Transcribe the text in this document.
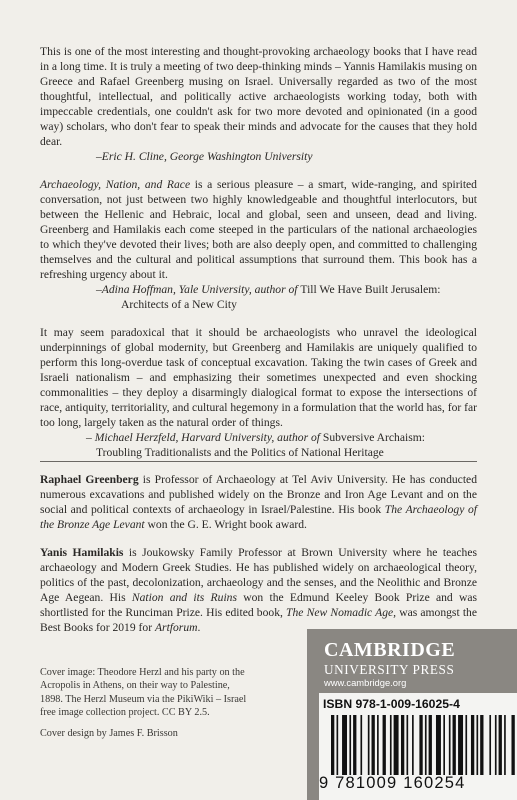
This is one of the most interesting and thought-provoking archaeology books that I have read in a long time. It is truly a meeting of two deep-thinking minds – Yannis Hamilakis musing on Greece and Rafael Greenberg musing on Israel. Universally regarded as two of the most thoughtful, intellectual, and politically active archaeologists working today, both with impeccable credentials, one couldn't ask for two more devoted and opinionated (in a good way) scholars, who don't fear to speak their minds and advocate for the causes that they hold dear.

–Eric H. Cline, George Washington University

Archaeology, Nation, and Race is a serious pleasure – a smart, wide-ranging, and spirited conversation, not just between two highly knowledgeable and thoughtful interlocutors, but between the Hellenic and Hebraic, local and global, seen and unseen, dead and living. Greenberg and Hamilakis each come steeped in the particulars of the national archaeologies to which they've devoted their lives; both are also deeply open, and committed to challenging themselves and the cultural and political assumptions that surround them. This book has a refreshing urgency about it.

–Adina Hoffman, Yale University, author of Till We Have Built Jerusalem:

Architects of a New City

It may seem paradoxical that it should be archaeologists who unravel the ideological underpinnings of global modernity, but Greenberg and Hamilakis are uniquely qualified to perform this long-overdue task of conceptual excavation. Taking the twin cases of Greek and Israeli nationalism – and emphasizing their sometimes unexpected and even shocking commonalities – they deploy a disarmingly dialogical format to expose the intersections of race, antiquity, territoriality, and cultural hegemony in a formulation that the world has, for far too long, largely taken as the natural order of things.

– Michael Herzfeld, Harvard University, author of Subversive Archaism:

Troubling Traditionalists and the Politics of National Heritage

Raphael Greenberg is Professor of Archaeology at Tel Aviv University. He has conducted numerous excavations and published widely on the Bronze and Iron Age Levant and on the social and political contexts of archaeology in Israel/Palestine. His book The Archaeology of the Bronze Age Levant won the G. E. Wright book award.

Yanis Hamilakis is Joukowsky Family Professor at Brown University where he teaches archaeology and Modern Greek Studies. He has published widely on archaeological theory, politics of the past, decolonization, archaeology and the senses, and the Neolithic and Bronze Age Aegean. His Nation and its Ruins won the Edmund Keeley Book Prize and was shortlisted for the Runciman Prize. His edited book, The New Nomadic Age, was amongst the Best Books for 2019 for Artforum.

Cover image: Theodore Herzl and his party on the Acropolis in Athens, on their way to Palestine, 1898. The Herzl Museum via the PikiWiki – Israel free image collection project. CC BY 2.5.

Cover design by James F. Brisson

CAMBRIDGE
UNIVERSITY PRESS
www.cambridge.org
ISBN 978-1-009-16025-4
9 781009 160254
